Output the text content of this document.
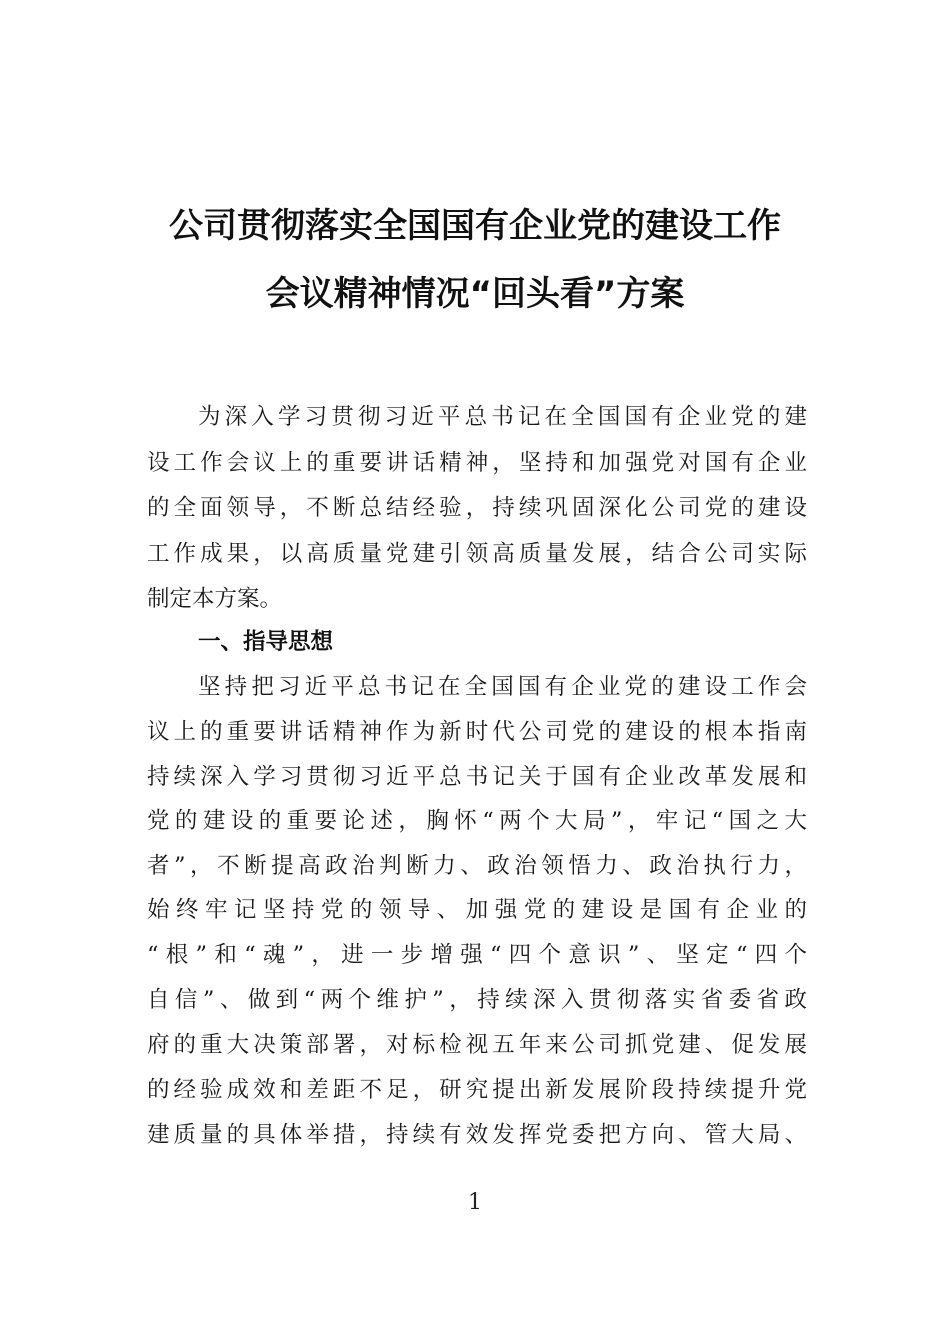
公司贯彻落实全国国有企业党的建设工作
会议精神情况“回头看”方案
为深入学习贯彻习近平总书记在全国国有企业党的建
设工作会议上的重要讲话精神，坚持和加强党对国有企业
的全面领导，不断总结经验，持续巩固深化公司党的建设
工作成果，以高质量党建引领高质量发展，结合公司实际
制定本方案。
一、指导思想
坚持把习近平总书记在全国国有企业党的建设工作会
议上的重要讲话精神作为新时代公司党的建设的根本指南
持续深入学习贯彻习近平总书记关于国有企业改革发展和
党的建设的重要论述，胸怀“两个大局”，牢记“国之大
者”，不断提高政治判断力、政治领悟力、政治执行力，
始终牢记坚持党的领导、加强党的建设是国有企业的
“根”和“魂”，进一步增强“四个意识”、坚定“四个
自信”、做到“两个维护”，持续深入贯彻落实省委省政
府的重大决策部署，对标检视五年来公司抓党建、促发展
的经验成效和差距不足，研究提出新发展阶段持续提升党
建质量的具体举措，持续有效发挥党委把方向、管大局、
1
